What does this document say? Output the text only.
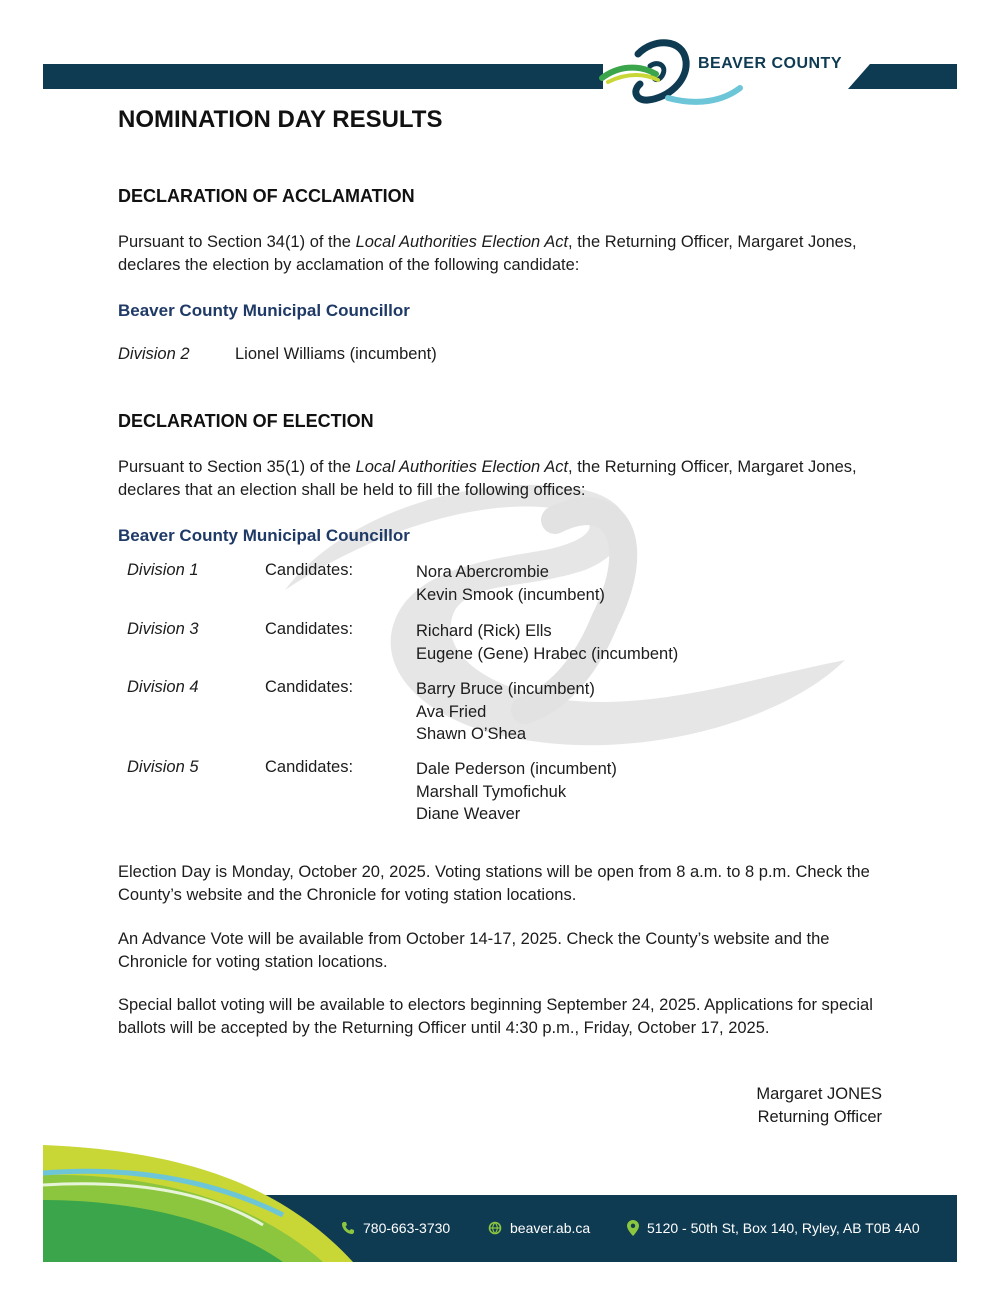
BEAVER COUNTY
NOMINATION DAY RESULTS
DECLARATION OF ACCLAMATION
Pursuant to Section 34(1) of the Local Authorities Election Act, the Returning Officer, Margaret Jones, declares the election by acclamation of the following candidate:
Beaver County Municipal Councillor
Division 2	Lionel Williams (incumbent)
DECLARATION OF ELECTION
Pursuant to Section 35(1) of the Local Authorities Election Act, the Returning Officer, Margaret Jones, declares that an election shall be held to fill the following offices:
Beaver County Municipal Councillor
Division 1	Candidates:	Nora Abercrombie
Kevin Smook (incumbent)
Division 3	Candidates:	Richard (Rick) Ells
Eugene (Gene) Hrabec (incumbent)
Division 4	Candidates:	Barry Bruce (incumbent)
Ava Fried
Shawn O’Shea
Division 5	Candidates:	Dale Pederson (incumbent)
Marshall Tymofichuk
Diane Weaver
Election Day is Monday, October 20, 2025. Voting stations will be open from 8 a.m. to 8 p.m. Check the County’s website and the Chronicle for voting station locations.
An Advance Vote will be available from October 14-17, 2025. Check the County’s website and the Chronicle for voting station locations.
Special ballot voting will be available to electors beginning September 24, 2025. Applications for special ballots will be accepted by the Returning Officer until 4:30 p.m., Friday, October 17, 2025.
Margaret JONES
Returning Officer
780-663-3730	beaver.ab.ca	5120 - 50th St, Box 140, Ryley, AB T0B 4A0
